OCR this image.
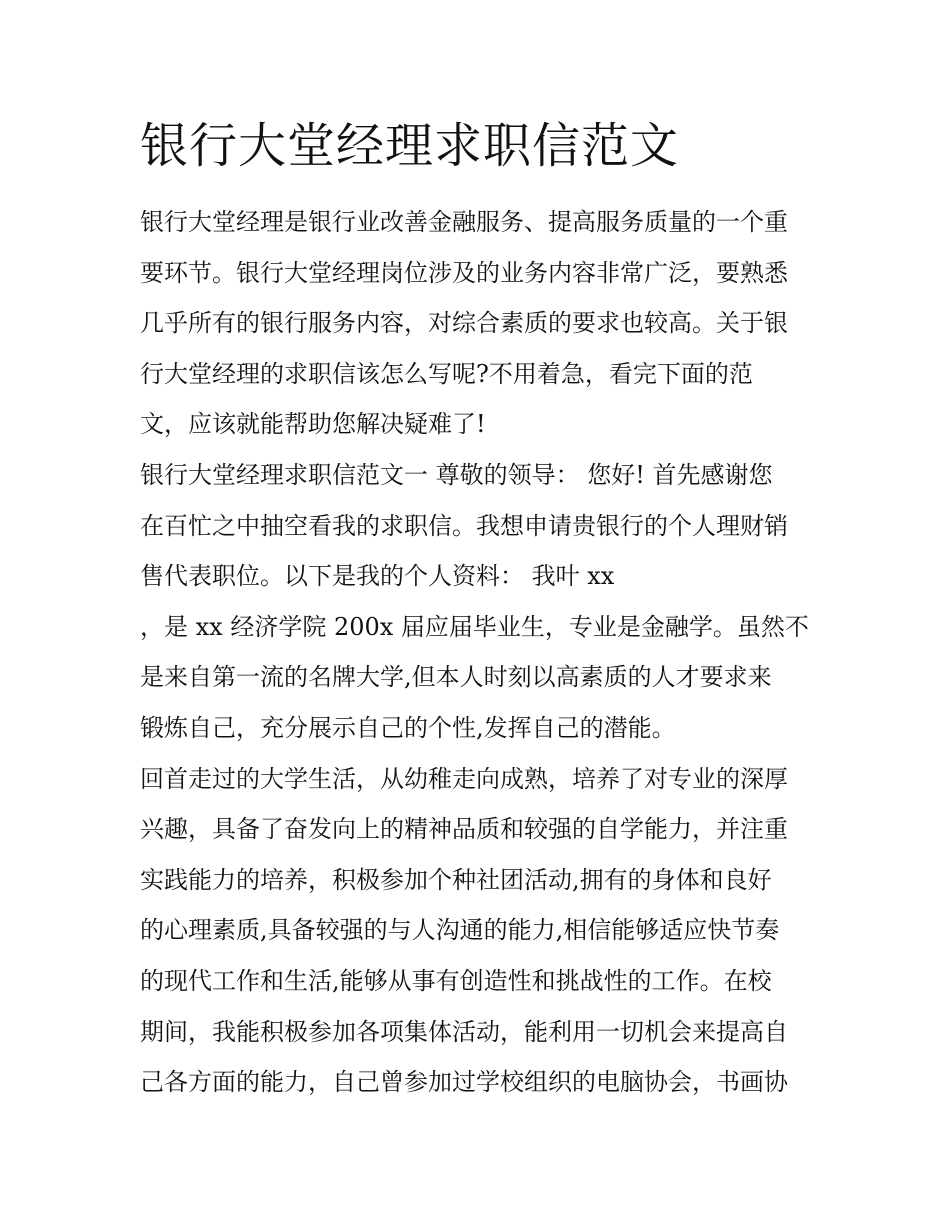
银行大堂经理求职信范文
银行大堂经理是银行业改善金融服务、提高服务质量的一个重
要环节。银行大堂经理岗位涉及的业务内容非常广泛，要熟悉
几乎所有的银行服务内容，对综合素质的要求也较高。关于银
行大堂经理的求职信该怎么写呢?不用着急，看完下面的范
文，应该就能帮助您解决疑难了!
银行大堂经理求职信范文一 尊敬的领导： 您好! 首先感谢您
在百忙之中抽空看我的求职信。我想申请贵银行的个人理财销
售代表职位。以下是我的个人资料： 我叶 xx
，是 xx 经济学院 200x 届应届毕业生，专业是金融学。虽然不
是来自第一流的名牌大学,但本人时刻以高素质的人才要求来
锻炼自己，充分展示自己的个性,发挥自己的潜能。
回首走过的大学生活，从幼稚走向成熟，培养了对专业的深厚
兴趣，具备了奋发向上的精神品质和较强的自学能力，并注重
实践能力的培养，积极参加个种社团活动,拥有的身体和良好
的心理素质,具备较强的与人沟通的能力,相信能够适应快节奏
的现代工作和生活,能够从事有创造性和挑战性的工作。在校
期间，我能积极参加各项集体活动，能利用一切机会来提高自
己各方面的能力，自己曾参加过学校组织的电脑协会，书画协
